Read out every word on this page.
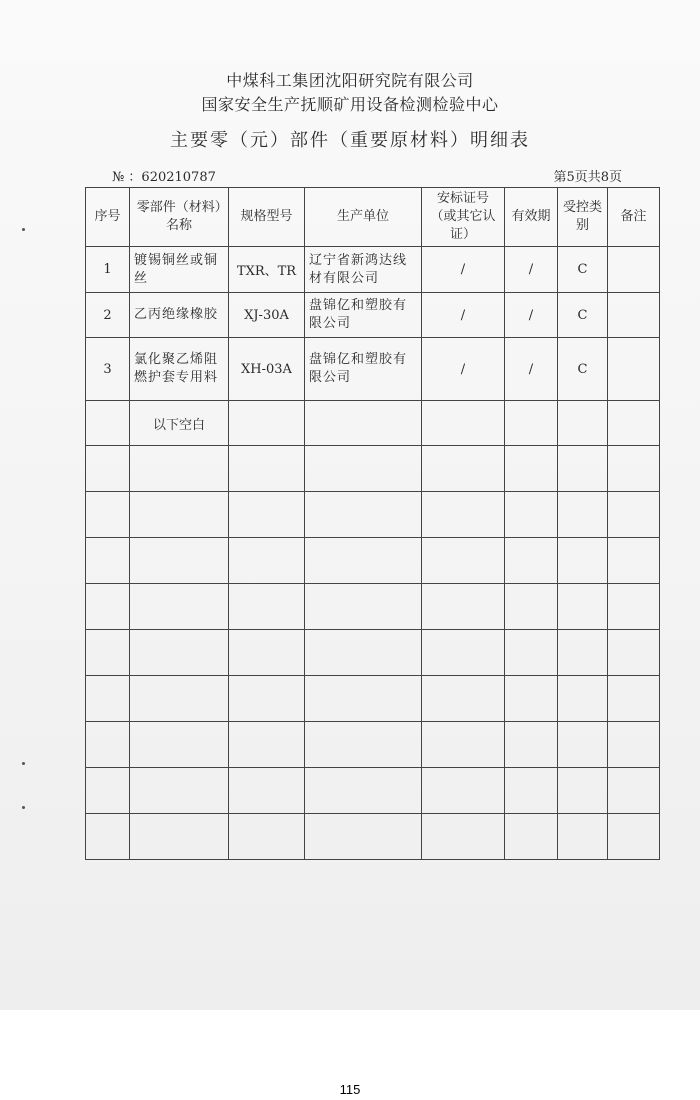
中煤科工集团沈阳研究院有限公司
国家安全生产抚顺矿用设备检测检验中心
主要零（元）部件（重要原材料）明细表
№ ：620210787	第5页共8页
序号	零部件（材料）名称	规格型号	生产单位	安标证号（或其它认证）	有效期	受控类别	备注
1	镀锡铜丝或铜丝	TXR、TR	辽宁省新鸿达线材有限公司	/	/	C	
2	乙丙绝缘橡胶	XJ-30A	盘锦亿和塑胶有限公司	/	/	C	
3	氯化聚乙烯阻燃护套专用料	XH-03A	盘锦亿和塑胶有限公司	/	/	C	
	以下空白						

115
